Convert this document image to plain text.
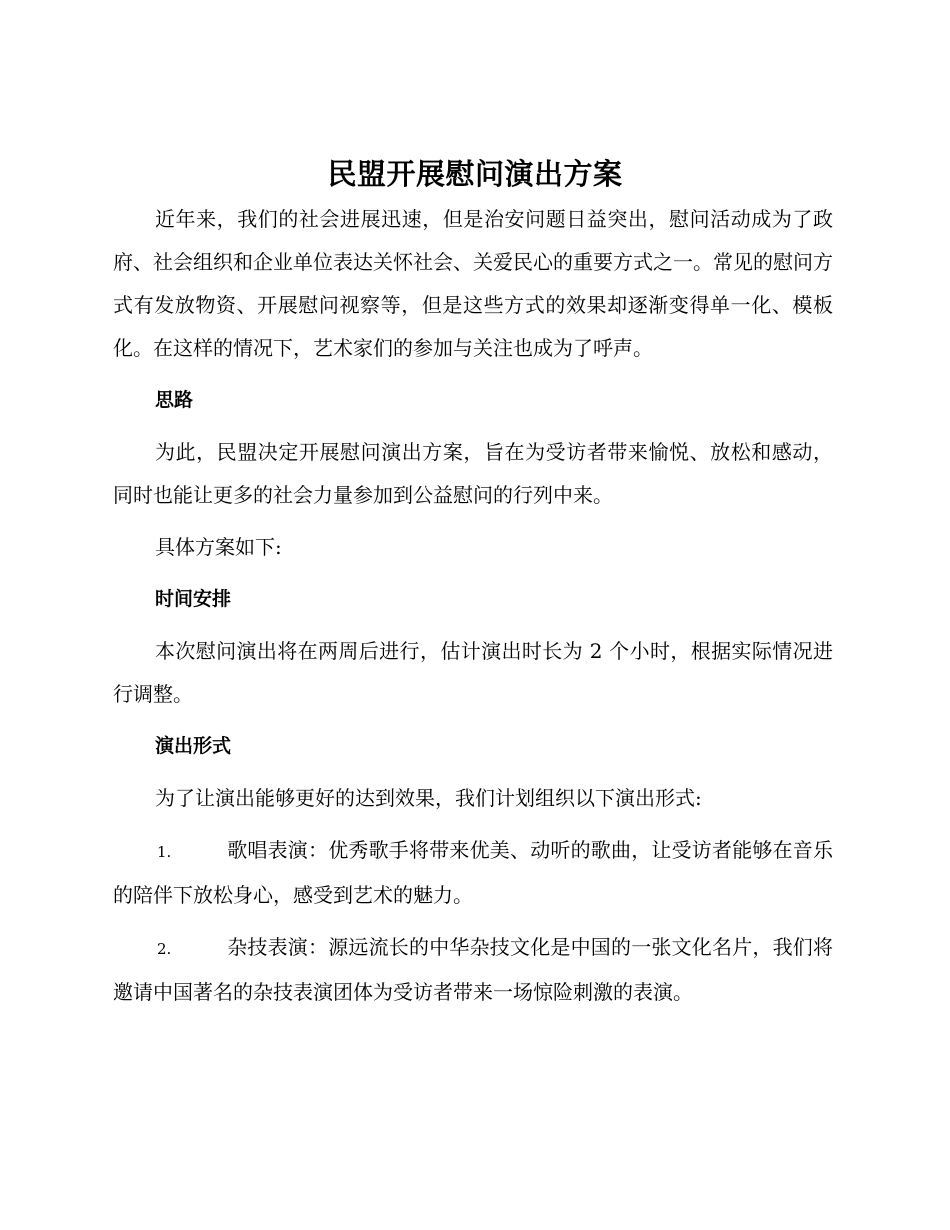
民盟开展慰问演出方案

近年来，我们的社会进展迅速，但是治安问题日益突出，慰问活动成为了政府、社会组织和企业单位表达关怀社会、关爱民心的重要方式之一。常见的慰问方式有发放物资、开展慰问视察等，但是这些方式的效果却逐渐变得单一化、模板化。在这样的情况下，艺术家们的参加与关注也成为了呼声。

思路

为此，民盟决定开展慰问演出方案，旨在为受访者带来愉悦、放松和感动，同时也能让更多的社会力量参加到公益慰问的行列中来。

具体方案如下:

时间安排

本次慰问演出将在两周后进行，估计演出时长为 2 个小时，根据实际情况进行调整。

演出形式

为了让演出能够更好的达到效果，我们计划组织以下演出形式:

1.	歌唱表演：优秀歌手将带来优美、动听的歌曲，让受访者能够在音乐的陪伴下放松身心，感受到艺术的魅力。

2.	杂技表演：源远流长的中华杂技文化是中国的一张文化名片，我们将邀请中国著名的杂技表演团体为受访者带来一场惊险刺激的表演。
